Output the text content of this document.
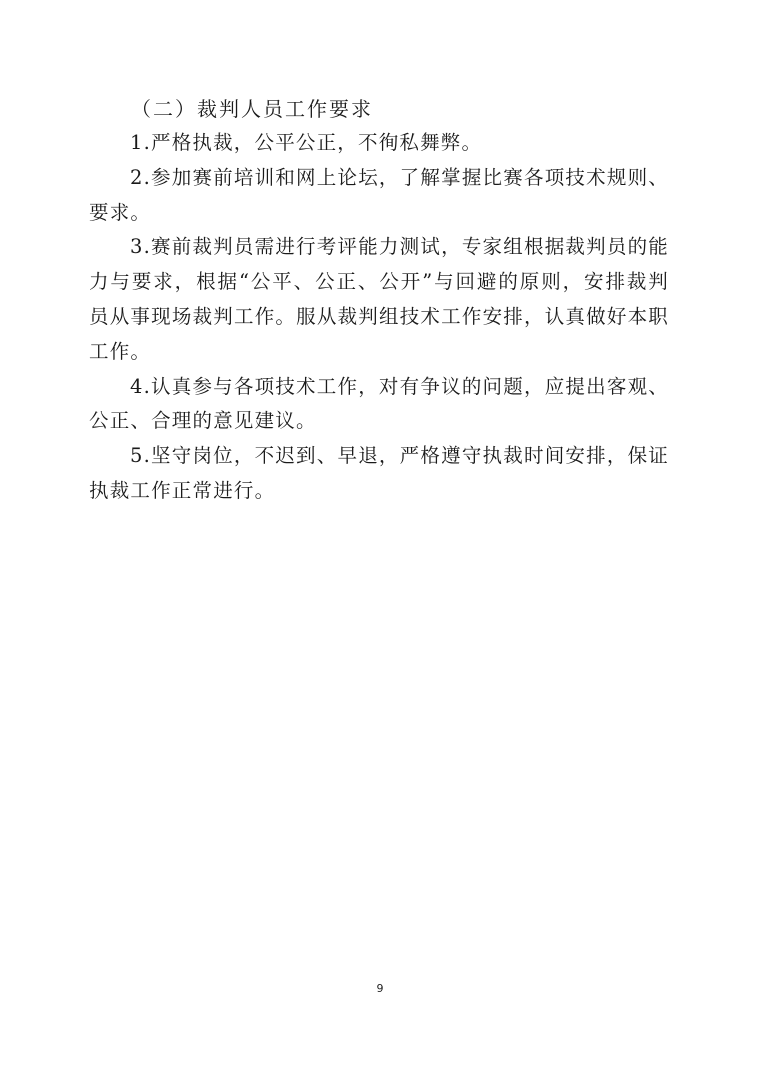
（二）裁判人员工作要求

1.严格执裁，公平公正，不徇私舞弊。

2.参加赛前培训和网上论坛，了解掌握比赛各项技术规则、要求。

3.赛前裁判员需进行考评能力测试，专家组根据裁判员的能力与要求，根据“公平、公正、公开”与回避的原则，安排裁判员从事现场裁判工作。服从裁判组技术工作安排，认真做好本职工作。

4.认真参与各项技术工作，对有争议的问题，应提出客观、公正、合理的意见建议。

5.坚守岗位，不迟到、早退，严格遵守执裁时间安排，保证执裁工作正常进行。

9
